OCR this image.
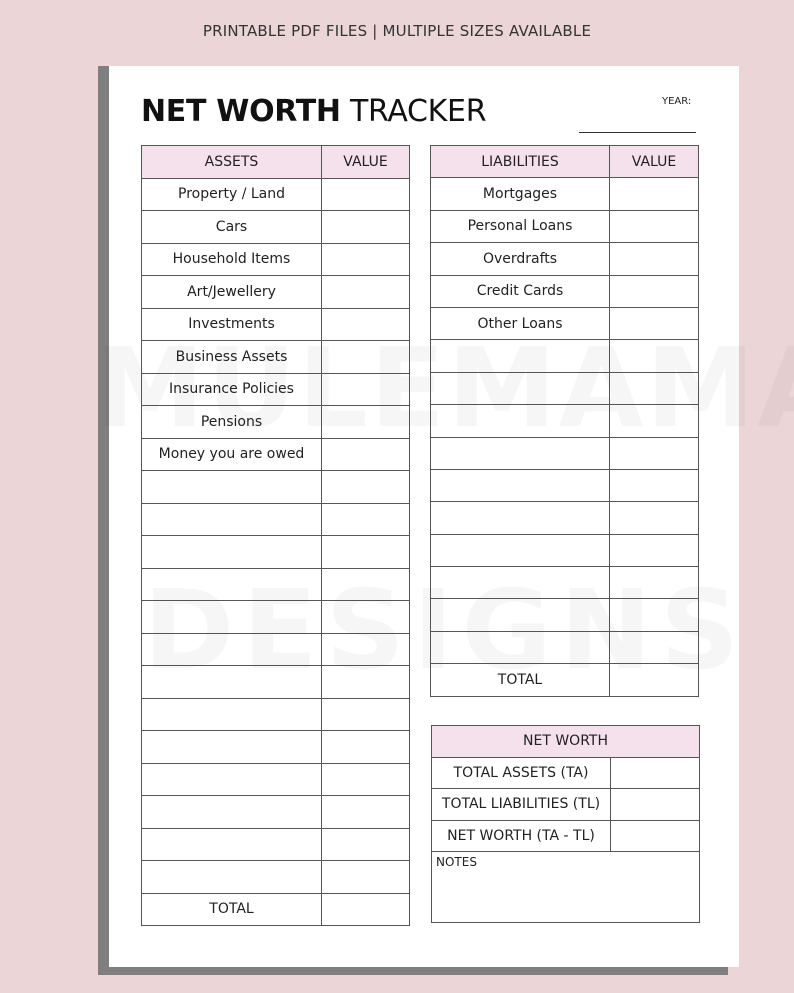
PRINTABLE PDF FILES | MULTIPLE SIZES AVAILABLE
NET WORTH TRACKER	YEAR:
ASSETS	VALUE
Property / Land	
Cars	
Household Items	
Art/Jewellery	
Investments	
Business Assets	
Insurance Policies	
Pensions	
Money you are owed	

TOTAL	
LIABILITIES	VALUE
Mortgages	
Personal Loans	
Overdrafts	
Credit Cards	
Other Loans	

TOTAL	
NET WORTH	
TOTAL ASSETS (TA)	
TOTAL LIABILITIES (TL)	
NET WORTH (TA - TL)	
NOTES	
